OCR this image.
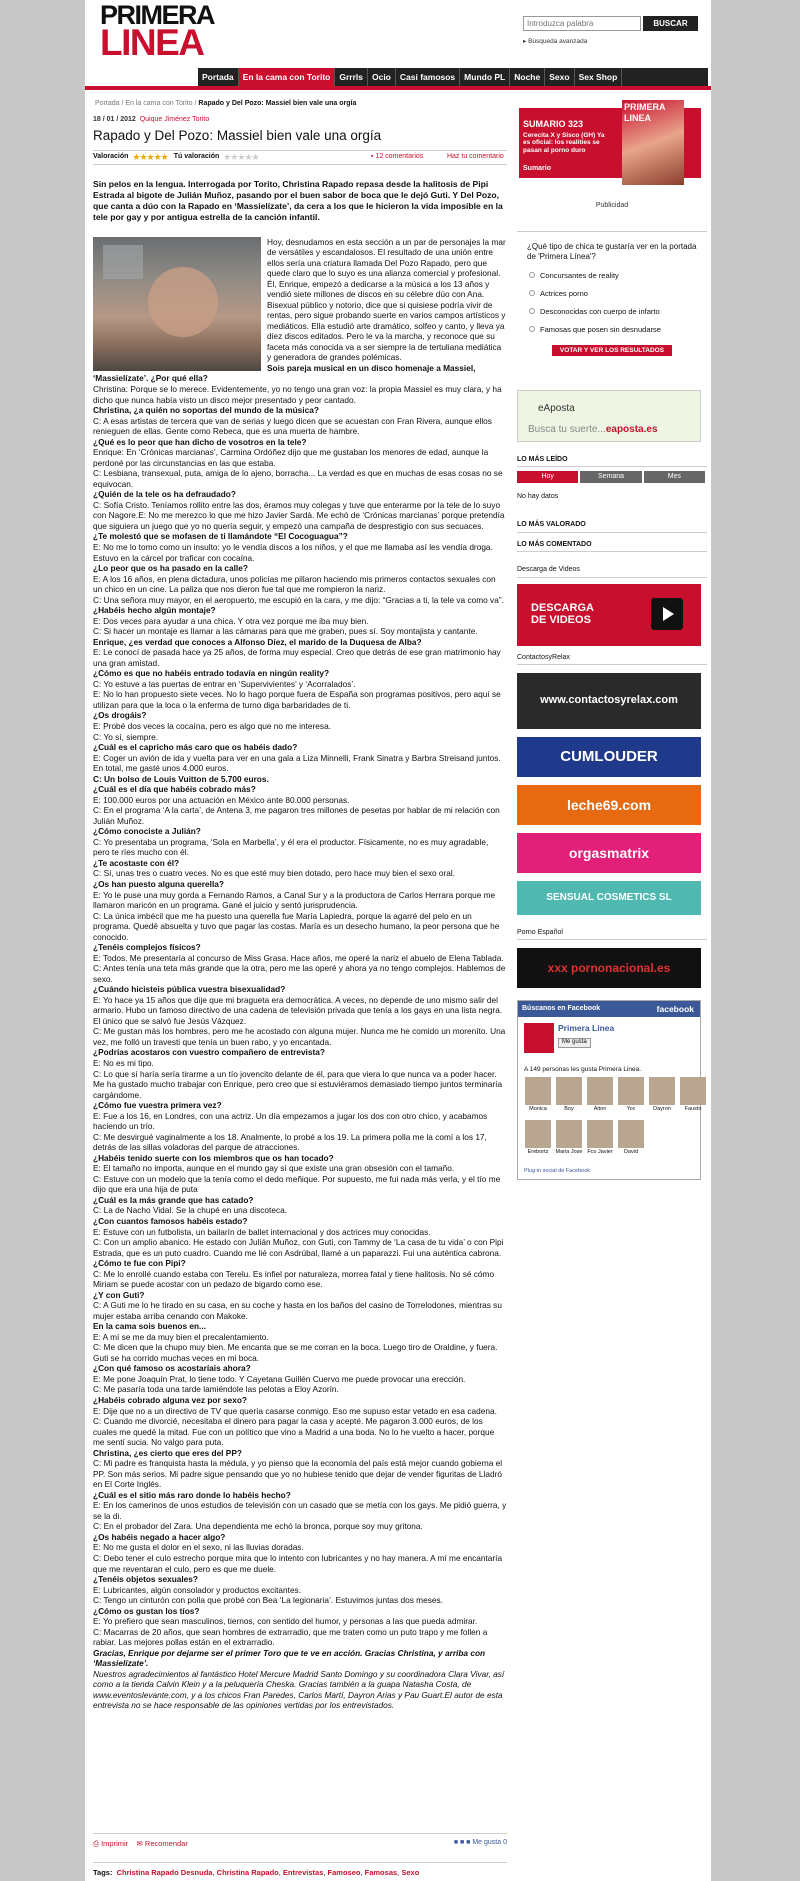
PRIMERA
LINEA
Introduzca palabra	BUSCAR
▸ Búsqueda avanzada
Portada	En la cama con Torito	Grrrls	Ocio	Casi famosos	Mundo PL	Noche	Sexo	Sex Shop
Portada / En la cama con Torito / Rapado y Del Pozo: Massiel bien vale una orgía
18 / 01 / 2012 Quique Jiménez Torito
Rapado y Del Pozo: Massiel bien vale una orgía
Valoración ★★★★★ Tú valoración ★★★★★	▪ 12 comentarios	Haz tu comentario

Sin pelos en la lengua. Interrogada por Torito, Christina Rapado repasa desde la halitosis de Pipi Estrada al bigote de Julián Muñoz, pasando por el buen sabor de boca que le dejó Guti. Y Del Pozo, que canta a dúo con la Rapado en ‘Massielízate’, da cera a los que le hicieron la vida imposible en la tele por gay y por antigua estrella de la canción infantil.

Hoy, desnudamos en esta sección a un par de personajes la mar de versátiles y escandalosos. El resultado de una unión entre ellos sería una criatura llamada Del Pozo Rapado, pero que quede claro que lo suyo es una alianza comercial y profesional. Él, Enrique, empezó a dedicarse a la música a los 13 años y vendió siete millones de discos en su célebre dúo con Ana. Bisexual público y notorio, dice que si quisiese podría vivir de rentas, pero sigue probando suerte en varios campos artísticos y mediáticos. Ella estudió arte dramático, solfeo y canto, y lleva ya diez discos editados. Pero le va la marcha, y reconoce que su faceta más conocida va a ser siempre la de tertuliana mediática y generadora de grandes polémicas.

Sois pareja musical en un disco homenaje a Massiel, ‘Massielízate’. ¿Por qué ella?

Christina: Porque se lo merece. Evidentemente, yo no tengo una gran voz: la propia Massiel es muy clara, y ha dicho que nunca había visto un disco mejor presentado y peor cantado.

Christina, ¿a quién no soportas del mundo de la música?

C: A esas artistas de tercera que van de serias y luego dicen que se acuestan con Fran Rivera, aunque ellos renieguen de ellas. Gente como Rebeca, que es una muerta de hambre.

¿Qué es lo peor que han dicho de vosotros en la tele?

Enrique: En ‘Crónicas marcianas’, Carmina Ordóñez dijo que me gustaban los menores de edad, aunque la perdoné por las circunstancias en las que estaba.

C: Lesbiana, transexual, puta, amiga de lo ajeno, borracha... La verdad es que en muchas de esas cosas no se equivocan.

¿Quién de la tele os ha defraudado?

C: Sofía Cristo. Teníamos rollito entre las dos, éramos muy colegas y tuve que enterarme por la tele de lo suyo con Nagore.E: No me merezco lo que me hizo Javier Sardà. Me echó de ‘Crónicas marcianas’ porque pretendía que siguiera un juego que yo no quería seguir, y empezó una campaña de desprestigio con sus secuaces.

¿Te molestó que se mofasen de ti llamándote “El Cocoguagua”?

E: No me lo tomo como un insulto: yo le vendía discos a los niños, y el que me llamaba así les vendía droga. Estuvo en la cárcel por traficar con cocaína.

¿Lo peor que os ha pasado en la calle?

E: A los 16 años, en plena dictadura, unos policías me pillaron haciendo mis primeros contactos sexuales con un chico en un cine. La paliza que nos dieron fue tal que me rompieron la nariz.

C: Una señora muy mayor, en el aeropuerto, me escupió en la cara, y me dijo: “Gracias a ti, la tele va como va”.

¿Habéis hecho algún montaje?

E: Dos veces para ayudar a una chica. Y otra vez porque me iba muy bien.

C: Si hacer un montaje es llamar a las cámaras para que me graben, pues sí. Soy montajista y cantante.

Enrique, ¿es verdad que conoces a Alfonso Díez, el marido de la Duquesa de Alba?

E: Le conocí de pasada hace ya 25 años, de forma muy especial. Creo que detrás de ese gran matrimonio hay una gran amistad.

¿Cómo es que no habéis entrado todavía en ningún reality?

C: Yo estuve a las puertas de entrar en ‘Supervivientes’ y ‘Acorralados’.

E: No lo han propuesto siete veces. No lo hago porque fuera de España son programas positivos, pero aquí se utilizan para que la loca o la enferma de turno diga barbaridades de ti.

¿Os drogáis?

E: Probé dos veces la cocaína, pero es algo que no me interesa.

C: Yo sí, siempre.

¿Cuál es el capricho más caro que os habéis dado?

E: Coger un avión de ida y vuelta para ver en una gala a Liza Minnelli, Frank Sinatra y Barbra Streisand juntos. En total, me gasté unos 4.000 euros.

C: Un bolso de Louis Vuitton de 5.700 euros.

¿Cuál es el día que habéis cobrado más?

E: 100.000 euros por una actuación en México ante 80.000 personas.

C: En el programa ‘A la carta’, de Antena 3, me pagaron tres millones de pesetas por hablar de mi relación con Julián Muñoz.

¿Cómo conociste a Julián?

C: Yo presentaba un programa, ‘Sola en Marbella’, y él era el productor. Físicamente, no es muy agradable, pero te ríes mucho con él.

¿Te acostaste con él?

C: Sí, unas tres o cuatro veces. No es que esté muy bien dotado, pero hace muy bien el sexo oral.

¿Os han puesto alguna querella?

E: Yo le puse una muy gorda a Fernando Ramos, a Canal Sur y a la productora de Carlos Herrara porque me llamaron maricón en un programa. Gané el juicio y sentó jurisprudencia.

C: La única imbécil que me ha puesto una querella fue María Lapiedra, porque la agarré del pelo en un programa. Quedé absuelta y tuvo que pagar las costas. María es un desecho humano, la peor persona que he conocido.

¿Tenéis complejos físicos?

E: Todos. Me presentaría al concurso de Miss Grasa. Hace años, me operé la nariz el abuelo de Elena Tablada.

C: Antes tenía una teta más grande que la otra, pero me las operé y ahora ya no tengo complejos. Hablemos de sexo.

¿Cuándo hicisteis pública vuestra bisexualidad?

E: Yo hace ya 15 años que dije que mi bragueta era democrática. A veces, no depende de uno mismo salir del armario. Hubo un famoso directivo de una cadena de televisión privada que tenía a los gays en una lista negra. El único que se salvó fue Jesús Vázquez.

C: Me gustan más los hombres, pero me he acostado con alguna mujer. Nunca me he comido un moreníto. Una vez, me folló un travesti que tenía un buen rabo, y yo encantada.

¿Podrías acostaros con vuestro compañero de entrevista?

E: No es mi tipo.

C: Lo que sí haría sería tirarme a un tío jovencito delante de él, para que viera lo que nunca va a poder hacer. Me ha gustado mucho trabajar con Enrique, pero creo que si estuviéramos demasiado tiempo juntos terminaría cargándome.

¿Cómo fue vuestra primera vez?

E: Fue a los 16, en Londres, con una actriz. Un día empezamos a jugar los dos con otro chico, y acabamos haciendo un trío.

C: Me desvirgué vaginalmente a los 18. Analmente, lo probé a los 19. La primera polla me la comí a los 17, detrás de las sillas voladoras del parque de atracciones.

¿Habéis tenido suerte con los miembros que os han tocado?

E: El tamaño no importa, aunque en el mundo gay sí que existe una gran obsesión con el tamaño.

C: Estuve con un modelo que la tenía como el dedo meñique. Por supuesto, me fui nada más verla, y el tío me dijo que era una hija de puta

¿Cuál es la más grande que has catado?

C: La de Nacho Vidal. Se la chupé en una discoteca.

¿Con cuantos famosos habéis estado?

E: Estuve con un futbolista, un bailarín de ballet internacional y dos actrices muy conocidas.

C: Con un amplio abanico. He estado con Julián Muñoz, con Guti, con Tammy de ‘La casa de tu vida’ o con Pipi Estrada, que es un puto cuadro. Cuando me lié con Asdrúbal, llamé a un paparazzi. Fui una auténtica cabrona.

¿Cómo te fue con Pipi?

C: Me lo enrollé cuando estaba con Terelu. Es infiel por naturaleza, morrea fatal y tiene halitosis. No sé cómo Miriam se puede acostar con un pedazo de bigardo como ese.

¿Y con Guti?

C: A Guti me lo he tirado en su casa, en su coche y hasta en los baños del casino de Torrelodones, mientras su mujer estaba arriba cenando con Makoke.

En la cama sois buenos en...

E: A mí se me da muy bien el precalentamiento.

C: Me dicen que la chupo muy bien. Me encanta que se me corran en la boca. Luego tiro de Oraldine, y fuera. Guti se ha corrido muchas veces en mi boca.

¿Con qué famoso os acostaríais ahora?

E: Me pone Joaquín Prat, lo tiene todo. Y Cayetana Guillén Cuervo me puede provocar una erección.

C: Me pasaría toda una tarde lamiéndole las pelotas a Eloy Azorín.

¿Habéis cobrado alguna vez por sexo?

E: Dije que no a un directivo de TV que quería casarse conmigo. Eso me supuso estar vetado en esa cadena.

C: Cuando me divorcié, necesitaba el dinero para pagar la casa y acepté. Me pagaron 3.000 euros, de los cuales me quedé la mitad. Fue con un político que vino a Madrid a una boda. No lo he vuelto a hacer, porque me sentí sucia. No valgo para puta.

Christina, ¿es cierto que eres del PP?

C: Mi padre es franquista hasta la médula, y yo pienso que la economía del país está mejor cuando gobierna el PP. Son más serios. Mi padre sigue pensando que yo no hubiese tenido que dejar de vender figuritas de Lladró en El Corte Inglés.

¿Cuál es el sitio más raro donde lo habéis hecho?

E: En los camerinos de unos estudios de televisión con un casado que se metía con los gays. Me pidió guerra, y se la di.

C: En el probador del Zara. Una dependienta me echó la bronca, porque soy muy gritona.

¿Os habéis negado a hacer algo?

E: No me gusta el dolor en el sexo, ni las lluvias doradas.

C: Debo tener el culo estrecho porque mira que lo intento con lubricantes y no hay manera. A mí me encantaría que me reventaran el culo, pero es que me duele.

¿Tenéis objetos sexuales?

E: Lubricantes, algún consolador y productos excitantes.

C: Tengo un cinturón con polla que probé con Bea ‘La legionaria’. Estuvimos juntas dos meses.

¿Cómo os gustan los tíos?

E: Yo prefiero que sean masculinos, tiernos, con sentido del humor, y personas a las que pueda admirar.

C: Macarras de 20 años, que sean hombres de extrarradio, que me traten como un puto trapo y me follen a rabiar. Las mejores pollas están en el extrarradio.

Gracias, Enrique por dejarme ser el primer Toro que te ve en acción. Gracias Christina, y arriba con ‘Massielízate’.

Nuestros agradecimientos al fantástico Hotel Mercure Madrid Santo Domingo y su coordinadora Clara Vivar, así como a la tienda Calvin Klein y a la peluquería Cheska. Gracias también a la guapa Natasha Costa, de www.eventoslevante.com, y a los chicos Fran Paredes, Carlos Martí, Dayron Arias y Pau Guart.El autor de esta entrevista no se hace responsable de las opiniones vertidas por los entrevistados.

⎙
Imprimir
✉
Recomendar	■ ■ ■ Me gusta 0
Tags: Christina Rapado Desnuda, Christina Rapado, Entrevistas, Famoseo, Famosas, Sexo
SUMARIO 323
Cerecita X y Sisco (GH) Ya es oficial: los realities se pasan al porno duro
Sumario
PRIMERA LINEA
Publicidad
¿Qué tipo de chica te gustaría ver en la portada de 'Primera Línea'?
Concursantes de reality
Actrices porno
Desconocidas con cuerpo de infarto
Famosas que posen sin desnudarse
VOTAR Y VER LOS RESULTADOS
eAposta
Busca tu suerte...eaposta.es
LO MÁS LEÍDO
Hoy	Semana	Mes
No hay datos
LO MÁS VALORADO
LO MÁS COMENTADO
Descarga de Videos
DESCARGA DE VIDEOS
ContactosyRelax
www.contactosyrelax.com
CUMLOUDER
leche69.com
orgasmatrix
SENSUAL COSMETICS SL
Porno Español
xxx pornonacional.es
Búscanos en Facebook	facebook
Primera Linea
Me gusta
A 149 personas les gusta Primera Linea.
Monica	Boy	Aiton	Yoc	Dayron	Fausto
Erebortz	Maria Jose Fco Javier	David
Plug-in social de Facebook
